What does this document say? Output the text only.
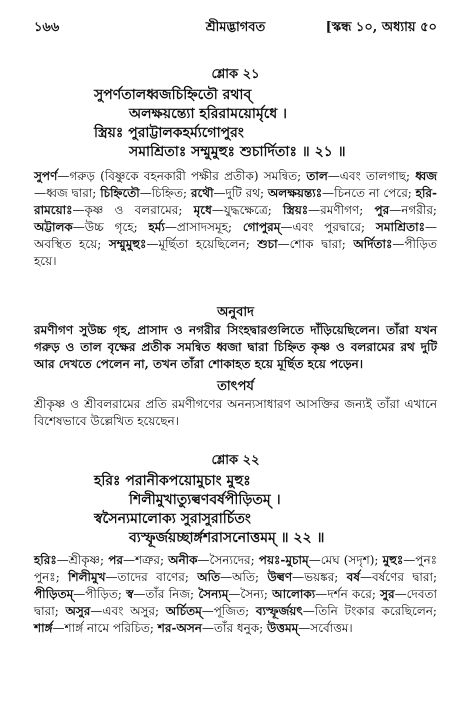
১৬৬	শ্রীমদ্ভাগবত	[স্কন্ধ ১০, অধ্যায় ৫০
শ্লোক ২১
সুপর্ণতালধ্বজচিহ্নিতৌ রথাব্
অলক্ষয়ন্ত্যো হরিরাময়োর্মৃধে ।
স্ত্রিয়ঃ পুরাট্টালকহর্ম্যগোপুরং
সমাশ্রিতাঃ সম্মুমুহুঃ শুচার্দিতাঃ ॥ ২১ ॥
সুপর্ণ—গরুড় (বিষ্ণুকে বহনকারী পক্ষীর প্রতীক) সমন্বিত; তাল—এবং তালগাছ; ধ্বজ—ধ্বজ দ্বারা; চিহ্নিতৌ—চিহ্নিত; রথৌ—দুটি রথ; অলক্ষয়ন্ত্যঃ—চিনতে না পেরে; হরি-রাময়োঃ—কৃষ্ণ ও বলরামের; মৃধে—যুদ্ধক্ষেত্রে; স্ত্রিয়ঃ—রমণীগণ; পুর—নগরীর; অট্টালক—উচ্চ গৃহে; হর্ম্য—প্রাসাদসমূহ; গোপুরম্—এবং পুরদ্বারে; সমাশ্রিতাঃ—অবস্থিত হয়ে; সম্মুমুহুঃ—মূর্ছিতা হয়েছিলেন; শুচা—শোক দ্বারা; অর্দিতাঃ—পীড়িত হয়ে।
অনুবাদ
রমণীগণ সুউচ্চ গৃহ, প্রাসাদ ও নগরীর সিংহদ্বারগুলিতে দাঁড়িয়েছিলেন। তাঁরা যখন গরুড় ও তাল বৃক্ষের প্রতীক সমন্বিত ধ্বজা দ্বারা চিহ্নিত কৃষ্ণ ও বলরামের রথ দুটি আর দেখতে পেলেন না, তখন তাঁরা শোকাহত হয়ে মূর্ছিত হয়ে পড়েন।
তাৎপর্য
শ্রীকৃষ্ণ ও শ্রীবলরামের প্রতি রমণীগণের অনন্যসাধারণ আসক্তির জন্যই তাঁরা এখানে বিশেষভাবে উল্লেখিত হয়েছেন।
শ্লোক ২২
হরিঃ পরানীকপয়োমুচাং মুহুঃ
শিলীমুখাত্যুল্বণবর্ষপীড়িতম্ ।
স্বসৈন্যমালোক্য সুরাসুরার্চিতং
ব্যস্ফূর্জয়চ্ছার্ঙ্গশরাসনোত্তমম্ ॥ ২২ ॥
হরিঃ—শ্রীকৃষ্ণ; পর—শত্রুর; অনীক—সৈন্যদের; পয়ঃ-মুচাম্—মেঘ (সদৃশ); মুহুঃ—পুনঃ পুনঃ; শিলীমুখ—তাদের বাণের; অতি—অতি; উল্বণ—ভয়ঙ্কর; বর্ষ—বর্ষণের দ্বারা; পীড়িতম্—পীড়িত; স্ব—তাঁর নিজ; সৈন্যম্—সৈন্য; আলোক্য—দর্শন করে; সুর—দেবতা দ্বারা; অসুর—এবং অসুর; অর্চিতম্—পূজিত; ব্যস্ফূর্জয়ৎ—তিনি টংকার করেছিলেন; শার্ঙ্গ—শার্ঙ্গ নামে পরিচিত; শর-অসন—তাঁর ধনুক; উত্তমম্—সর্বোত্তম।
